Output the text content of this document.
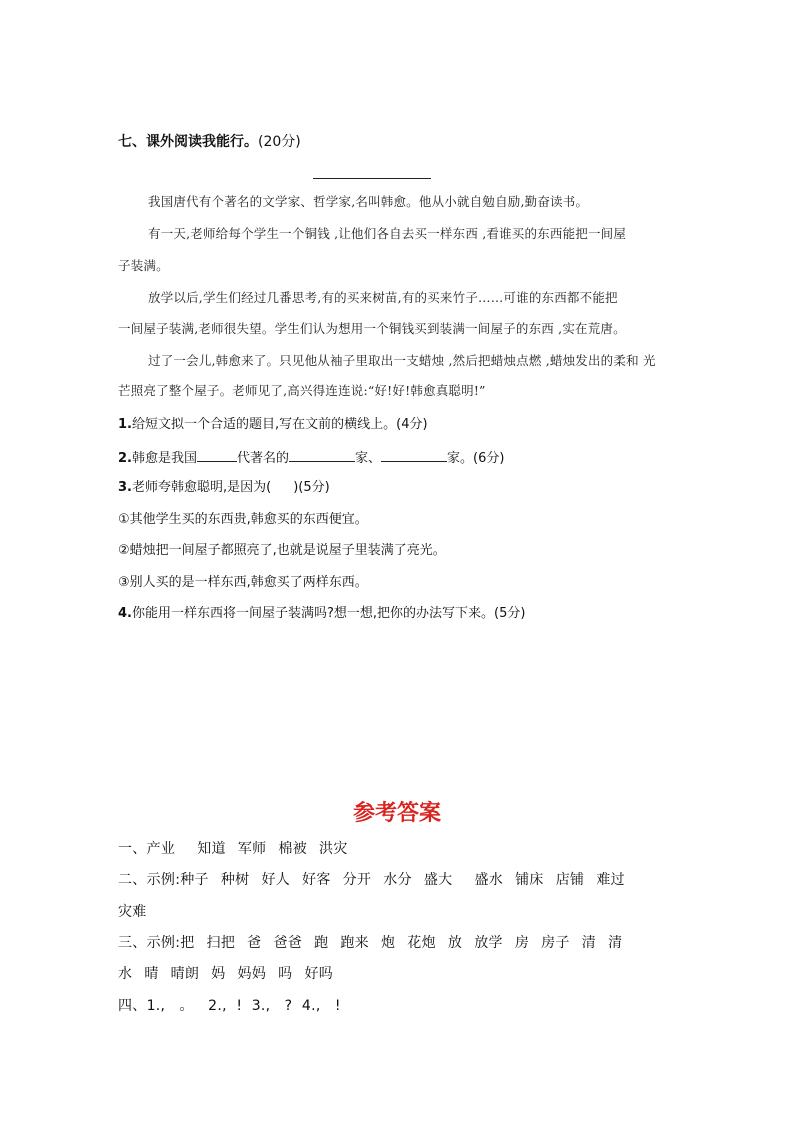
七、课外阅读我能行。(20分)
我国唐代有个著名的文学家、哲学家,名叫韩愈。他从小就自勉自励,勤奋读书。
有一天,老师给每个学生一个铜钱 ,让他们各自去买一样东西 ,看谁买的东西能把一间屋
子装满。
放学以后,学生们经过几番思考,有的买来树苗,有的买来竹子……可谁的东西都不能把
一间屋子装满,老师很失望。学生们认为想用一个铜钱买到装满一间屋子的东西 ,实在荒唐。
过了一会儿,韩愈来了。只见他从袖子里取出一支蜡烛 ,然后把蜡烛点燃 ,蜡烛发出的柔和 光
芒照亮了整个屋子。老师见了,高兴得连连说:“好!好!韩愈真聪明!”
1.给短文拟一个合适的题目,写在文前的横线上。(4分)
2.韩愈是我国	代著名的	家、	家。(6分)
3.老师夸韩愈聪明,是因为( )(5分)
①其他学生买的东西贵,韩愈买的东西便宜。
②蜡烛把一间屋子都照亮了,也就是说屋子里装满了亮光。
③别人买的是一样东西,韩愈买了两样东西。
4.你能用一样东西将一间屋子装满吗?想一想,把你的办法写下来。(5分)
参考答案
一、产业 知道 军师 棉被 洪灾
二、示例:种子 种树 好人 好客 分开 水分 盛大 盛水 铺床 店铺 难过
灾难
三、示例:把 扫把 爸 爸爸 跑 跑来 炮 花炮 放 放学 房 房子 清 清
水 晴 晴朗 妈 妈妈 吗 好吗
四、1.,   。   2.,  !  3.,   ?  4.,   !
